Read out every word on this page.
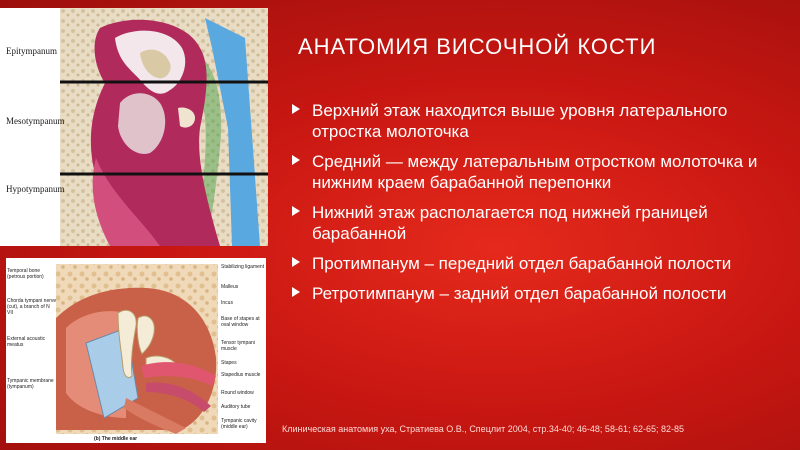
Epitympanum
Mesotympanum
Hypotympanum
Temporal bone (petrous portion)
Chorda tympani nerve (cut), a branch of N VII
External acoustic meatus
Tympanic membrane (tympanum)
Stabilizing ligament
Malleus
Incus
Base of stapes at oval window
Tensor tympani muscle
Stapes
Stapedius muscle
Round window
Auditory tube
Tympanic cavity (middle ear)
(b) The middle ear
АНАТОМИЯ ВИСОЧНОЙ КОСТИ
Верхний этаж находится выше уровня латерального отростка молоточка
Средний — между латеральным отростком молоточка и нижним краем барабанной перепонки
Нижний этаж располагается под нижней границей барабанной
Протимпанум – передний отдел барабанной полости
Ретротимпанум – задний отдел барабанной полости
Клиническая анатомия уха, Стратиева О.В., Спецлит 2004, стр.34-40; 46-48; 58-61; 62-65; 82-85
